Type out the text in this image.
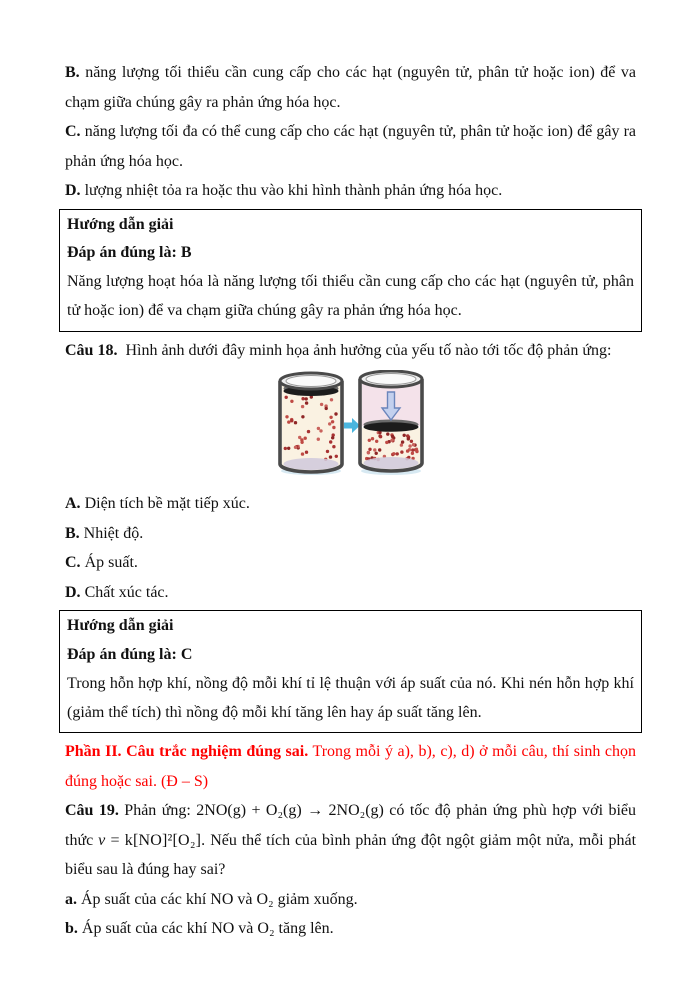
B. năng lượng tối thiểu cần cung cấp cho các hạt (nguyên tử, phân tử hoặc ion) để va chạm giữa chúng gây ra phản ứng hóa học.

C. năng lượng tối đa có thể cung cấp cho các hạt (nguyên tử, phân tử hoặc ion) để gây ra phản ứng hóa học.

D. lượng nhiệt tỏa ra hoặc thu vào khi hình thành phản ứng hóa học.

Hướng dẫn giải

Đáp án đúng là: B

Năng lượng hoạt hóa là năng lượng tối thiểu cần cung cấp cho các hạt (nguyên tử, phân tử hoặc ion) để va chạm giữa chúng gây ra phản ứng hóa học.

Câu 18. Hình ảnh dưới đây minh họa ảnh hưởng của yếu tố nào tới tốc độ phản ứng:

A. Diện tích bề mặt tiếp xúc.

B. Nhiệt độ.

C. Áp suất.

D. Chất xúc tác.

Hướng dẫn giải

Đáp án đúng là: C

Trong hỗn hợp khí, nồng độ mỗi khí tỉ lệ thuận với áp suất của nó. Khi nén hỗn hợp khí (giảm thể tích) thì nồng độ mỗi khí tăng lên hay áp suất tăng lên.

Phần II. Câu trắc nghiệm đúng sai. Trong mỗi ý a), b), c), d) ở mỗi câu, thí sinh chọn đúng hoặc sai. (Đ – S)

Câu 19. Phản ứng: 2NO(g) + O₂(g) → 2NO₂(g) có tốc độ phản ứng phù hợp với biểu thức v = k[NO]²[O₂]. Nếu thể tích của bình phản ứng đột ngột giảm một nửa, mỗi phát biểu sau là đúng hay sai?

a. Áp suất của các khí NO và O₂ giảm xuống.

b. Áp suất của các khí NO và O₂ tăng lên.
